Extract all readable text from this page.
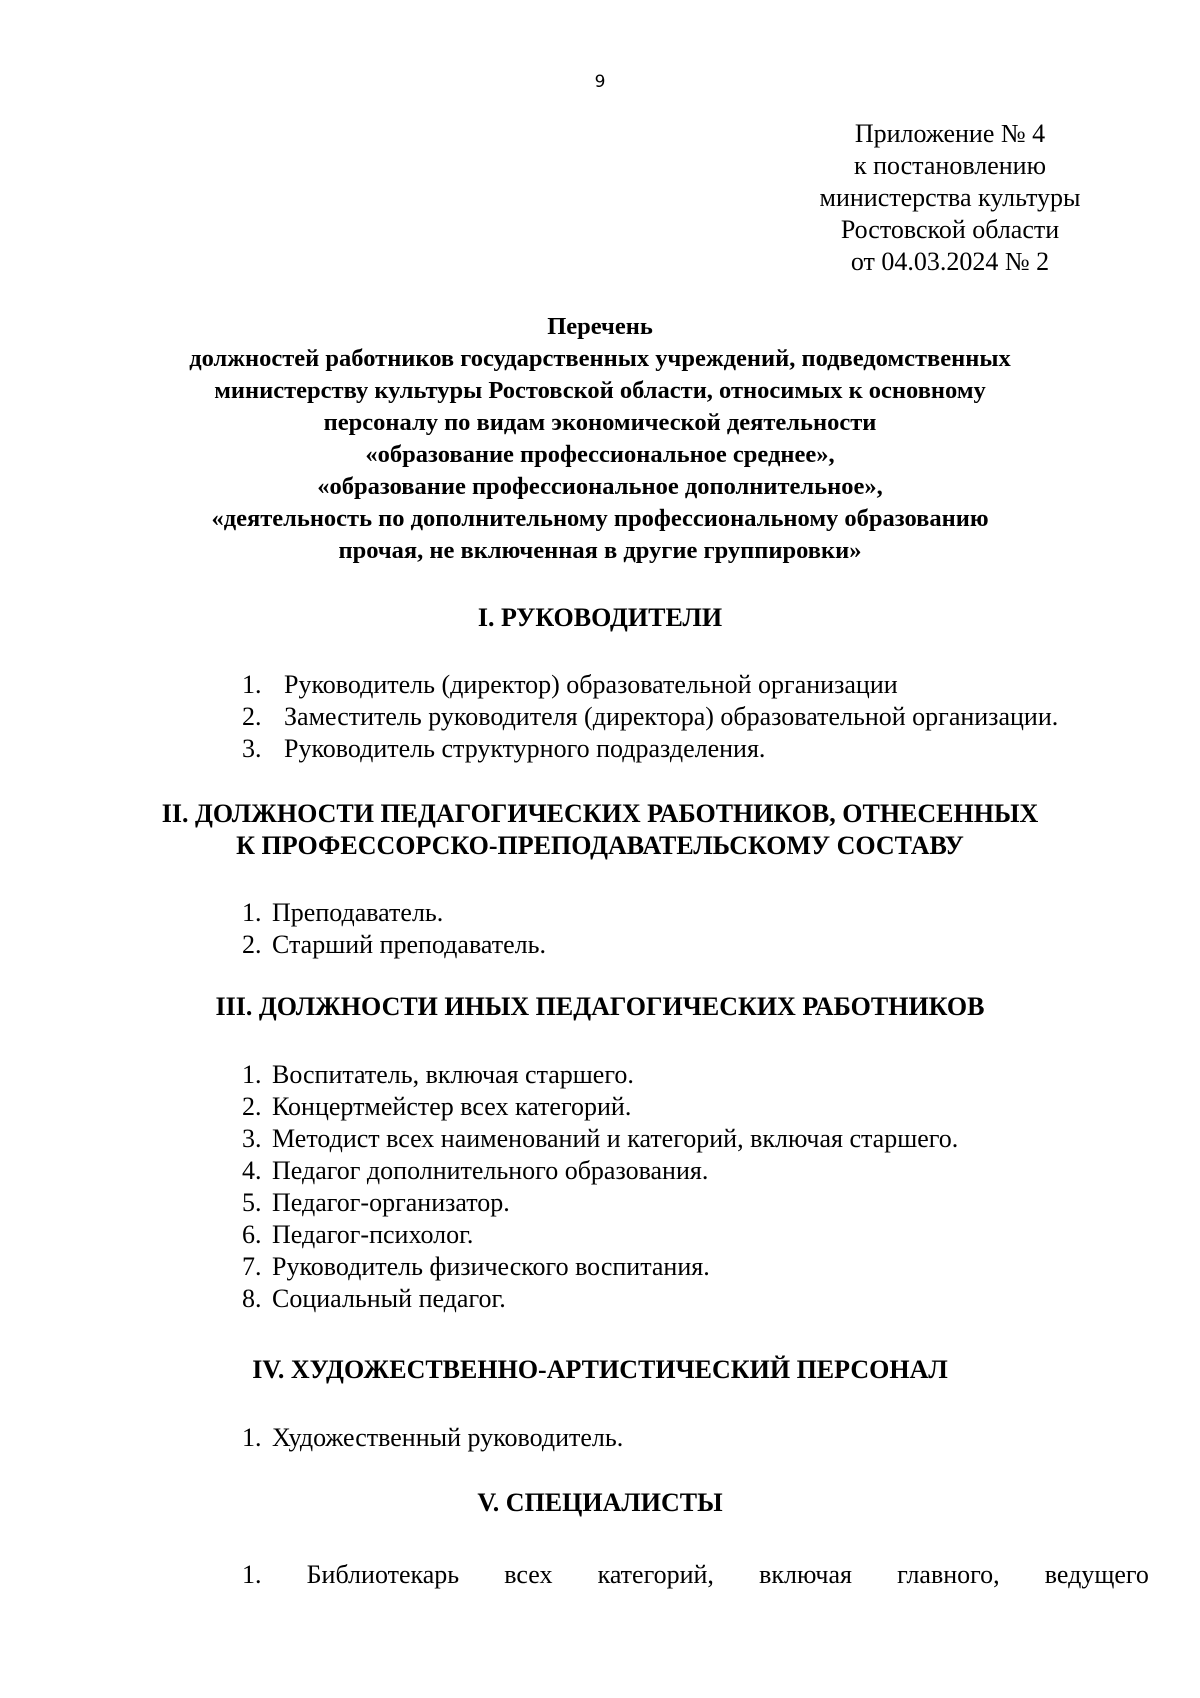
9
Приложение № 4
к постановлению
министерства культуры
Ростовской области
от 04.03.2024 № 2
Перечень
должностей работников государственных учреждений, подведомственных
министерству культуры Ростовской области, относимых к основному
персоналу по видам экономической деятельности
«образование профессиональное среднее»,
«образование профессиональное дополнительное»,
«деятельность по дополнительному профессиональному образованию
прочая, не включенная в другие группировки»
I. РУКОВОДИТЕЛИ
1. Руководитель (директор) образовательной организации
2. Заместитель руководителя (директора) образовательной организации.
3. Руководитель структурного подразделения.
II. ДОЛЖНОСТИ ПЕДАГОГИЧЕСКИХ РАБОТНИКОВ, ОТНЕСЕННЫХ
К ПРОФЕССОРСКО-ПРЕПОДАВАТЕЛЬСКОМУ СОСТАВУ
1. Преподаватель.
2. Старший преподаватель.
III. ДОЛЖНОСТИ ИНЫХ ПЕДАГОГИЧЕСКИХ РАБОТНИКОВ
1. Воспитатель, включая старшего.
2. Концертмейстер всех категорий.
3. Методист всех наименований и категорий, включая старшего.
4. Педагог дополнительного образования.
5. Педагог-организатор.
6. Педагог-психолог.
7. Руководитель физического воспитания.
8. Социальный педагог.
IV. ХУДОЖЕСТВЕННО-АРТИСТИЧЕСКИЙ ПЕРСОНАЛ
1. Художественный руководитель.
V. СПЕЦИАЛИСТЫ
1. Библиотекарь всех категорий, включая главного, ведущего
